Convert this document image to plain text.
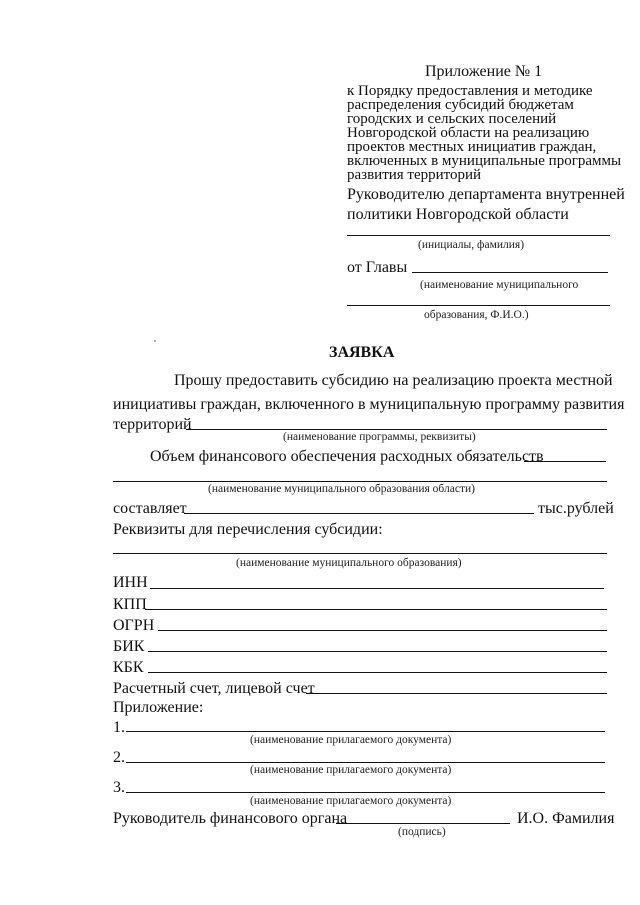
Приложение № 1
к Порядку предоставления и методике
распределения субсидий бюджетам
городских и сельских поселений
Новгородской области на реализацию
проектов местных инициатив граждан,
включенных в муниципальные программы
развития территорий
Руководителю департамента внутренней
политики Новгородской области
(инициалы, фамилия)
от Главы
(наименование муниципального
образования, Ф.И.О.)
ЗАЯВКА
Прошу предоставить субсидию на реализацию проекта местной
инициативы граждан, включенного в муниципальную программу развития
территорий
(наименование программы, реквизиты)
Объем финансового обеспечения расходных обязательств
(наименование муниципального образования области)
составляет	тыс.рублей
Реквизиты для перечисления субсидии:
(наименование муниципального образования)
ИНН
КПП
ОГРН
БИК
КБК
Расчетный счет, лицевой счет
Приложение:
1.
(наименование прилагаемого документа)
2.
(наименование прилагаемого документа)
3.
(наименование прилагаемого документа)
Руководитель финансового органа	И.О. Фамилия
(подпись)
